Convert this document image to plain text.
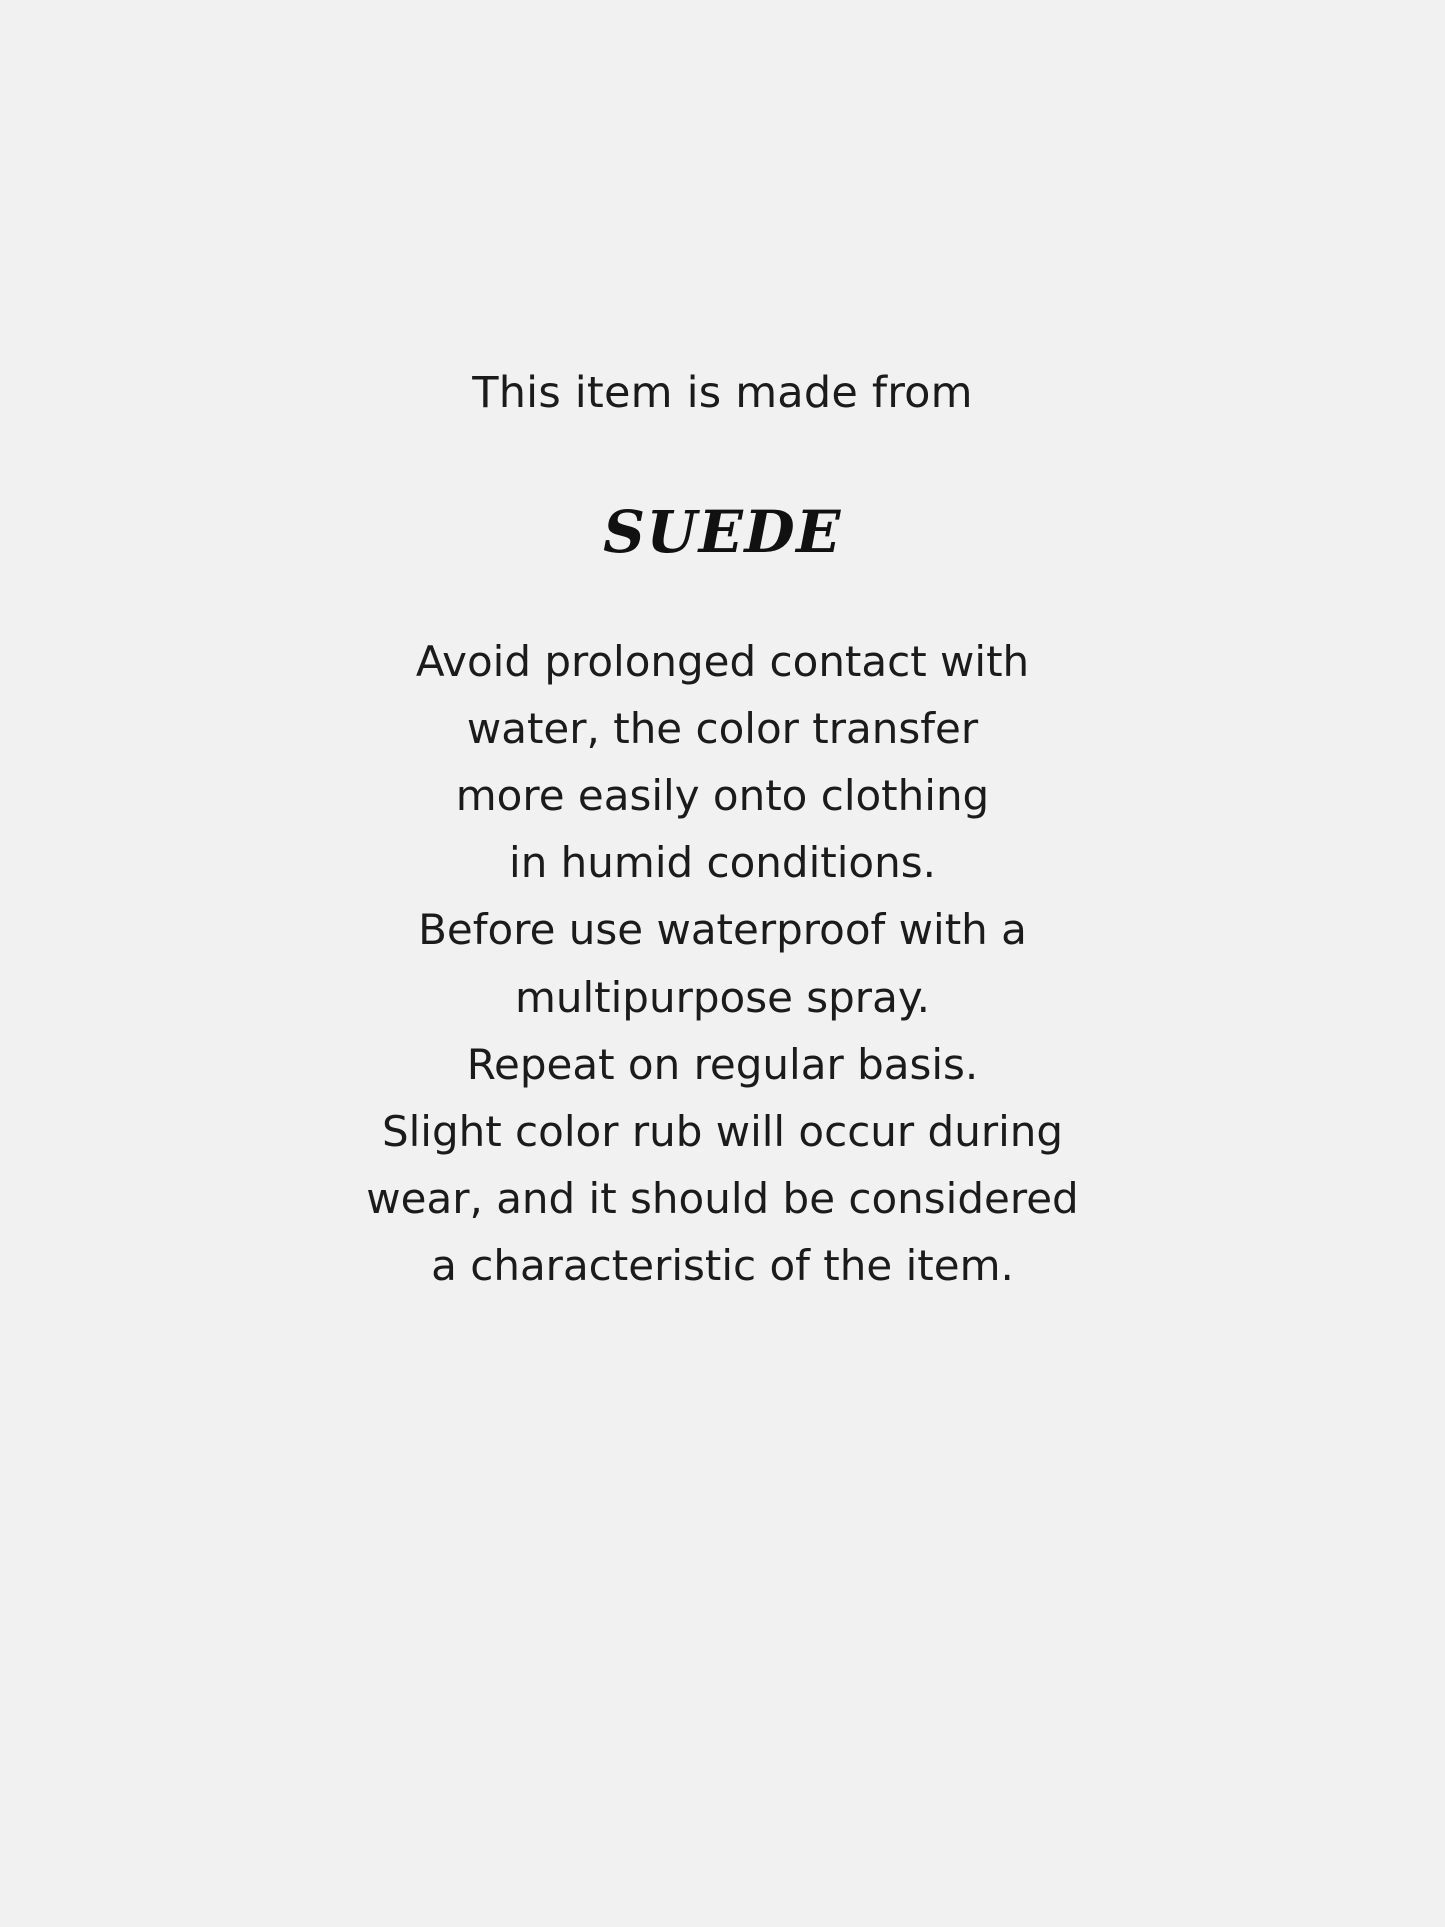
This item is made from

SUEDE
Avoid prolonged contact with
water, the color transfer
more easily onto clothing
in humid conditions.
Before use waterproof with a
multipurpose spray.
Repeat on regular basis.
Slight color rub will occur during
wear, and it should be considered
a characteristic of the item.
